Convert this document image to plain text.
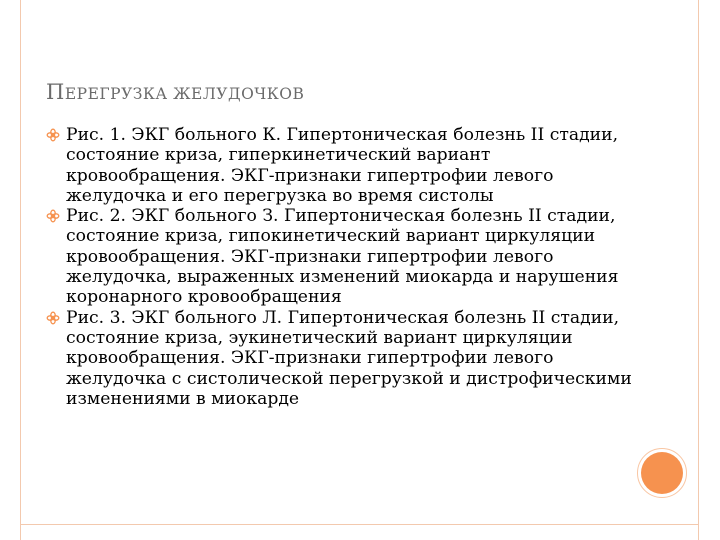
ПЕРЕГРУЗКА ЖЕЛУДОЧКОВ
Рис. 1. ЭКГ больного К. Гипертоническая болезнь II стадии, состояние криза, гиперкинетический вариант кровообращения. ЭКГ-признаки гипертрофии левого желудочка и его перегрузка во время систолы
Рис. 2. ЭКГ больного З. Гипертоническая болезнь II стадии, состояние криза, гипокинетический вариант циркуляции кровообращения. ЭКГ-признаки гипертрофии левого желудочка, выраженных изменений миокарда и нарушения коронарного кровообращения
Рис. 3. ЭКГ больного Л. Гипертоническая болезнь II стадии, состояние криза, эукинетический вариант циркуляции кровообращения. ЭКГ-признаки гипертрофии левого желудочка с систолической перегрузкой и дистрофическими изменениями в миокарде
